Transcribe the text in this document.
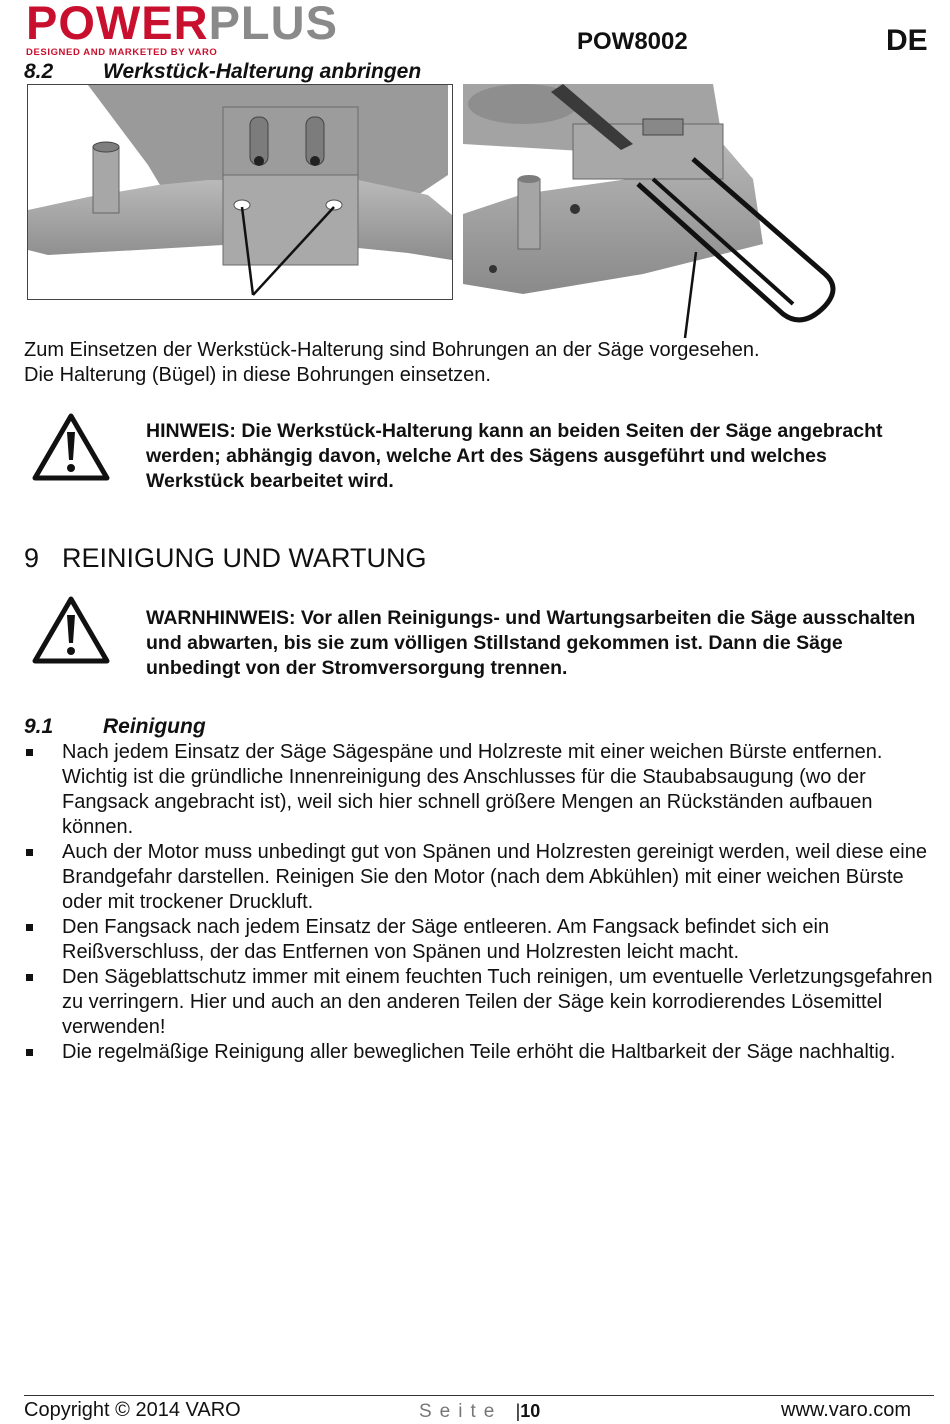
POWERPLUS
DESIGNED AND MARKETED BY VARO	POW8002	DE
8.2 Werkstück-Halterung anbringen
Zum Einsetzen der Werkstück-Halterung sind Bohrungen an der Säge vorgesehen.
Die Halterung (Bügel) in diese Bohrungen einsetzen.
HINWEIS: Die Werkstück-Halterung kann an beiden Seiten der Säge angebracht werden; abhängig davon, welche Art des Sägens ausgeführt und welches Werkstück bearbeitet wird.
9 REINIGUNG UND WARTUNG
WARNHINWEIS: Vor allen Reinigungs- und Wartungsarbeiten die Säge ausschalten und abwarten, bis sie zum völligen Stillstand gekommen ist. Dann die Säge unbedingt von der Stromversorgung trennen.
9.1 Reinigung
Nach jedem Einsatz der Säge Sägespäne und Holzreste mit einer weichen Bürste entfernen. Wichtig ist die gründliche Innenreinigung des Anschlusses für die Staubabsaugung (wo der Fangsack angebracht ist), weil sich hier schnell größere Mengen an Rückständen aufbauen können.
Auch der Motor muss unbedingt gut von Spänen und Holzresten gereinigt werden, weil diese eine Brandgefahr darstellen. Reinigen Sie den Motor (nach dem Abkühlen) mit einer weichen Bürste oder mit trockener Druckluft.
Den Fangsack nach jedem Einsatz der Säge entleeren. Am Fangsack befindet sich ein Reißverschluss, der das Entfernen von Spänen und Holzresten leicht macht.
Den Sägeblattschutz immer mit einem feuchten Tuch reinigen, um eventuelle Verletzungsgefahren zu verringern. Hier und auch an den anderen Teilen der Säge kein korrodierendes Lösemittel verwenden!
Die regelmäßige Reinigung aller beweglichen Teile erhöht die Haltbarkeit der Säge nachhaltig.
Copyright © 2014 VARO	Seite |10	www.varo.com
